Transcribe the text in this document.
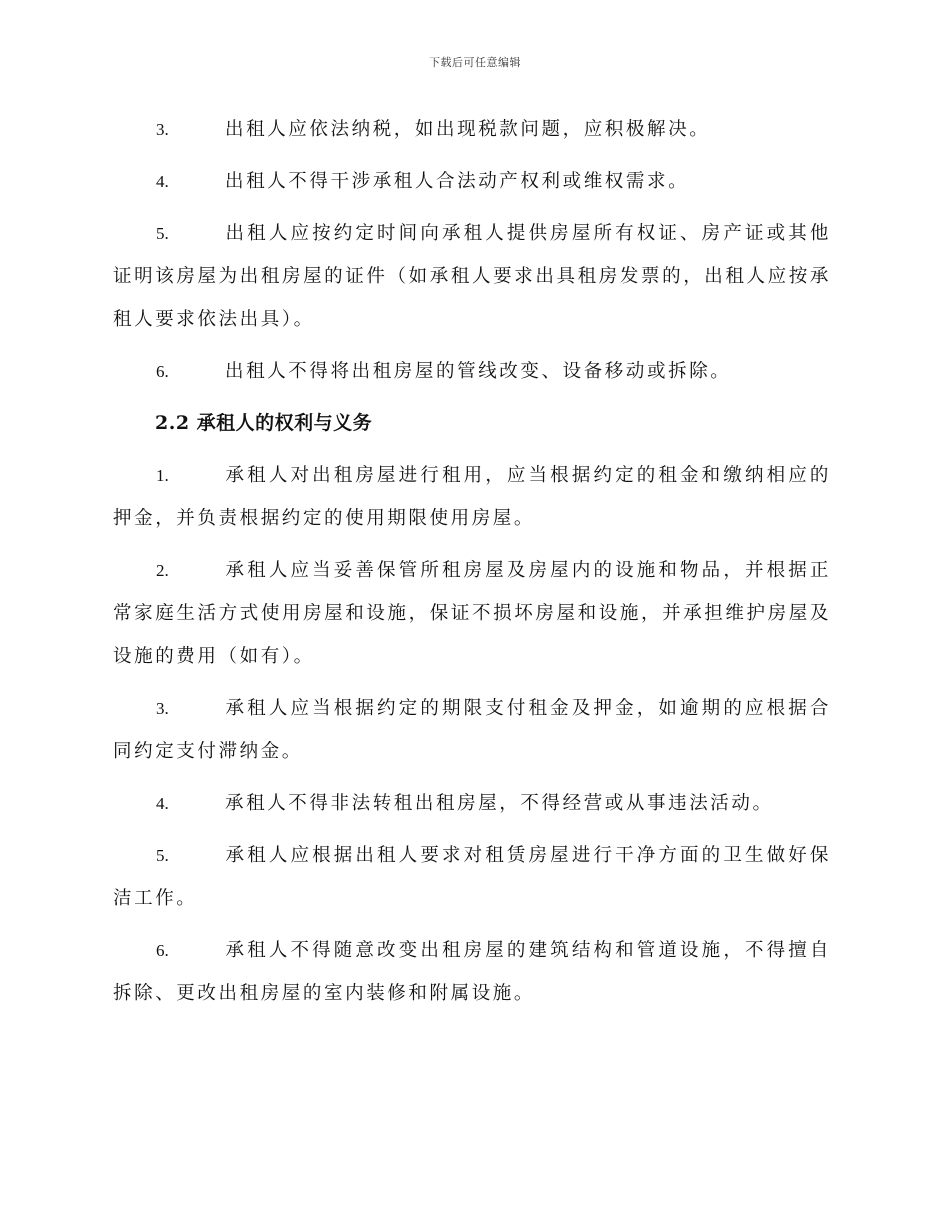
下载后可任意编辑

3.	出租人应依法纳税，如出现税款问题，应积极解决。

4.	出租人不得干涉承租人合法动产权利或维权需求。

5.	出租人应按约定时间向承租人提供房屋所有权证、房产证或其他证明该房屋为出租房屋的证件（如承租人要求出具租房发票的，出租人应按承租人要求依法出具）。

6.	出租人不得将出租房屋的管线改变、设备移动或拆除。

2.2 承租人的权利与义务

1.	承租人对出租房屋进行租用，应当根据约定的租金和缴纳相应的押金，并负责根据约定的使用期限使用房屋。

2.	承租人应当妥善保管所租房屋及房屋内的设施和物品，并根据正常家庭生活方式使用房屋和设施，保证不损坏房屋和设施，并承担维护房屋及设施的费用（如有）。

3.	承租人应当根据约定的期限支付租金及押金，如逾期的应根据合同约定支付滞纳金。

4.	承租人不得非法转租出租房屋，不得经营或从事违法活动。

5.	承租人应根据出租人要求对租赁房屋进行干净方面的卫生做好保洁工作。

6.	承租人不得随意改变出租房屋的建筑结构和管道设施，不得擅自拆除、更改出租房屋的室内装修和附属设施。
